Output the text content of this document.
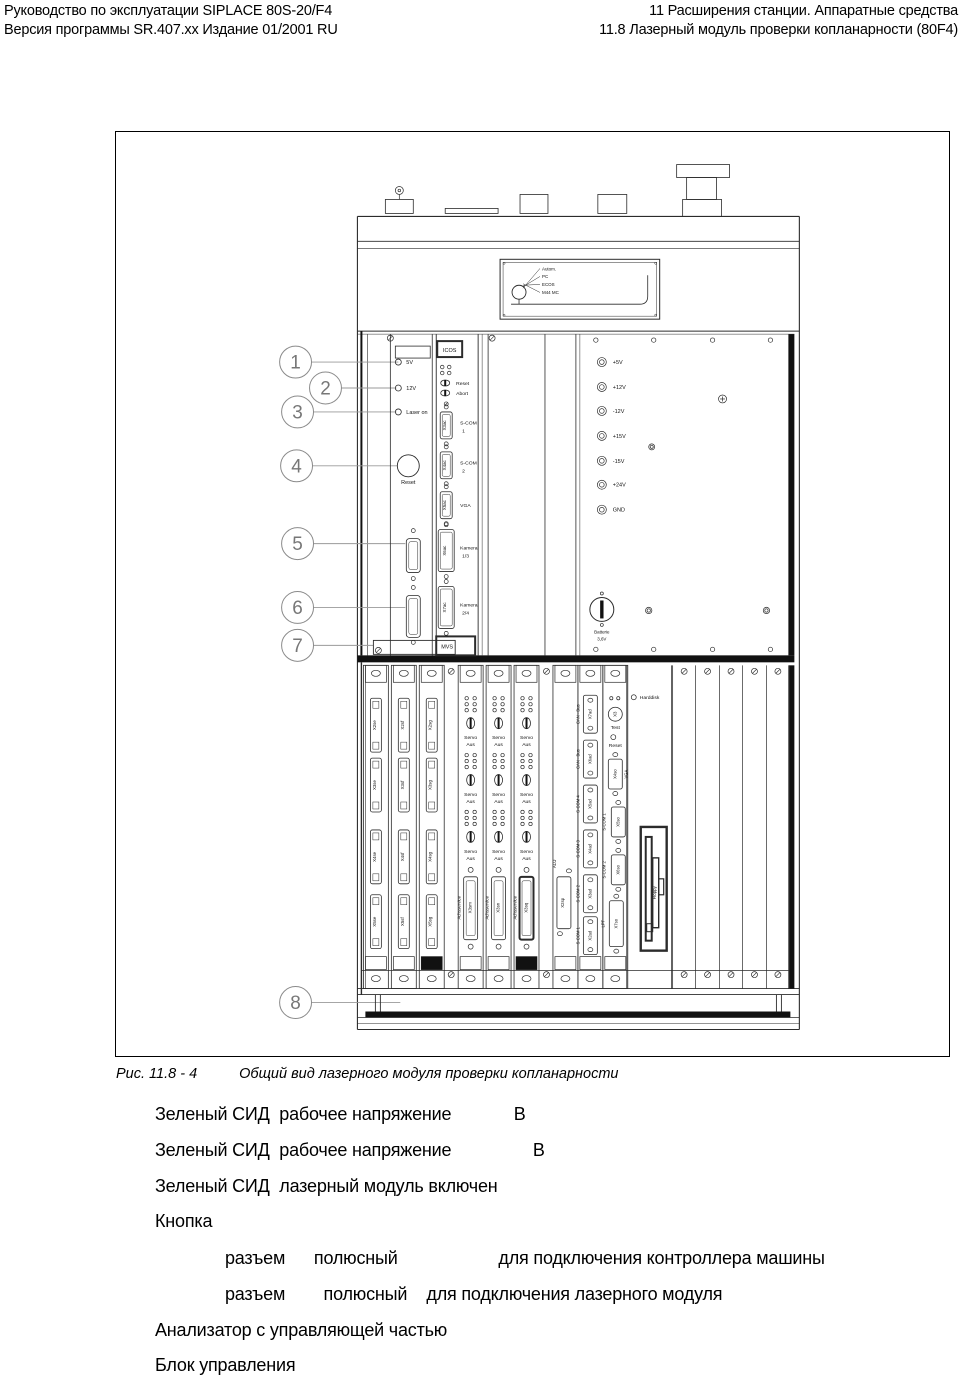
Руководство по эксплуатации SIPLACE 80S-20/F4
Версия программы SR.407.xx Издание 01/2001 RU
11 Расширения станции. Аппаратные средства
11.8 Лазерный модуль проверки копланарности (80F4)
Autom.
PC
ECOS
M44 MC
1
2
3
4
5
6
7
8
5V
12V
Laser on
Reset
ICOS
Reset
Abort
X3ac	S-COM
1
X4ac	S-COM
2
X5ac	VGA
X6ac	Kamera
1/3
X7ac	Kamera
2/4
MVS
+5V
+12V
-12V
+15V
-15V
+24V
GND
Batterie
3,6V
X2se
X3se
X4se
X5se
X2sf
X3sf
X4sf
X5sf
X2sg
X3sg
X4sg
X5sg
Servo
Aus
Servo
Aus
Servo
Aus
Achsservice X3sm
Servo
Aus
Servo
Aus
Servo
Aus
Achsservice X3sn
Servo
Aus
Servo
Aus
Servo
Aus
Achsservice X3sq
ALU
X2sp
X7ad
CAN - Bus
X6ad
CAN - Bus
X5ad
S-COM 4
X4ad
S-COM 3
X3ad
S-COM 2
X2ad
S-COM 1
X3
Test
Reset
X4so VGA
X5so
S-COM 1
X6so
S-COM 2
X7so
LPT
Harddisk
Floppy
Рис. 11.8 - 4	Общий вид лазерного модуля проверки копланарности
Зеленый СИД  рабочее напряжение             В
Зеленый СИД  рабочее напряжение                 В
Зеленый СИД  лазерный модуль включен
Кнопка
разъем      полюсный                     для подключения контроллера машины
разъем        полюсный    для подключения лазерного модуля
Анализатор с управляющей частью
Блок управления
